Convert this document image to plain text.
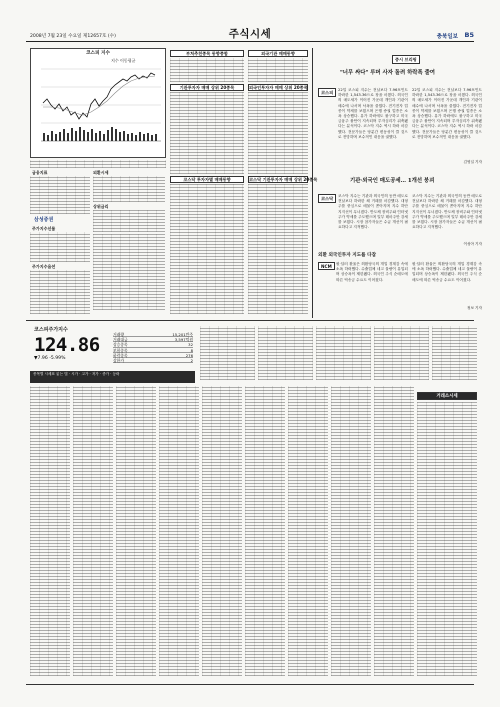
2008년 7월 23일 수요일 제12657호 (수)	주식시세	충북일보 B5
코스피 지수
지수 이동평균
부처추천종목 동향종합	외국기관 매매동향
기관투자자 매매 상위 20종목	외국인투자자 매매 상위 20종목
코스닥 투자자별 매매동향	코스닥 기관투자자 매매 상위 20종목
금융지표	외환시세
상위금리
삼성증권
주가지수선물
주가지수옵션
증시 브리핑
"너무 싸다" 루머 사자 돌려 하락폭 줄여
코스피	22일 코스피 지수는 전날보다 7.96포인트 하락한 1,543.36으로 장을 마쳤다. 외국인의 매도세가 이어진 가운데 개인과 기관이 매수에 나서며 낙폭을 줄였다. 전기전자 업종이 약세를 보였으며 은행 증권 업종은 소폭 상승했다. 유가 하락에도 불구하고 미국 금융주 불안이 지속되며 투자심리가 위축됐다는 분석이다. 코스닥 지수 역시 하락 마감했다. 전문가들은 당분간 변동성이 클 것으로 전망하며 보수적인 대응을 권했다.
22일 코스피 지수는 전날보다 7.96포인트 하락한 1,543.36으로 장을 마쳤다. 외국인의 매도세가 이어진 가운데 개인과 기관이 매수에 나서며 낙폭을 줄였다. 전기전자 업종이 약세를 보였으며 은행 증권 업종은 소폭 상승했다. 유가 하락에도 불구하고 미국 금융주 불안이 지속되며 투자심리가 위축됐다는 분석이다. 코스닥 지수 역시 하락 마감했다. 전문가들은 당분간 변동성이 클 것으로 전망하며 보수적인 대응을 권했다.
김영일 기자
기관·외국인 매도공세… 1개선 붕괴
코스닥	코스닥 지수는 기관과 외국인의 동반 매도로 전날보다 하락한 채 거래를 마감했다. 대형주를 중심으로 매물이 쏟아지며 지수 하단 지지선이 무너졌다. 반도체 장비주와 인터넷주가 약세를 주도했으며 일부 테마주만 강세를 보였다. 시장 참가자들은 수급 개선이 필요하다고 지적했다.
코스닥 지수는 기관과 외국인의 동반 매도로 전날보다 하락한 채 거래를 마감했다. 대형주를 중심으로 매물이 쏟아지며 지수 하단 지지선이 무너졌다. 반도체 장비주와 인터넷주가 약세를 주도했으며 일부 테마주만 강세를 보였다. 시장 참가자들은 수급 개선이 필요하다고 지적했다.
이성아 기자
외환 외국인투자 지도를 다잡
NCM	원·달러 환율은 외환당국의 개입 경계감 속에 소폭 하락했다. 수출업체 네고 물량이 유입되며 상승폭이 제한됐다. 외국인 주식 순매도에 따른 역송금 수요도 이어졌다.
원·달러 환율은 외환당국의 개입 경계감 속에 소폭 하락했다. 수출업체 네고 물량이 유입되며 상승폭이 제한됐다. 외국인 주식 순매도에 따른 역송금 수요도 이어졌다.
정보 기자
코스피주가지수
124.86
▼7.96 -5.99%
거래량	15,201만주
거래대금	3,597억원
상승종목	32
보합종목	8
하락종목	276
상한가	2
종목별 시세표 읽는 법 · 시가 · 고가 · 저가 · 종가 · 등락
거래소시세
